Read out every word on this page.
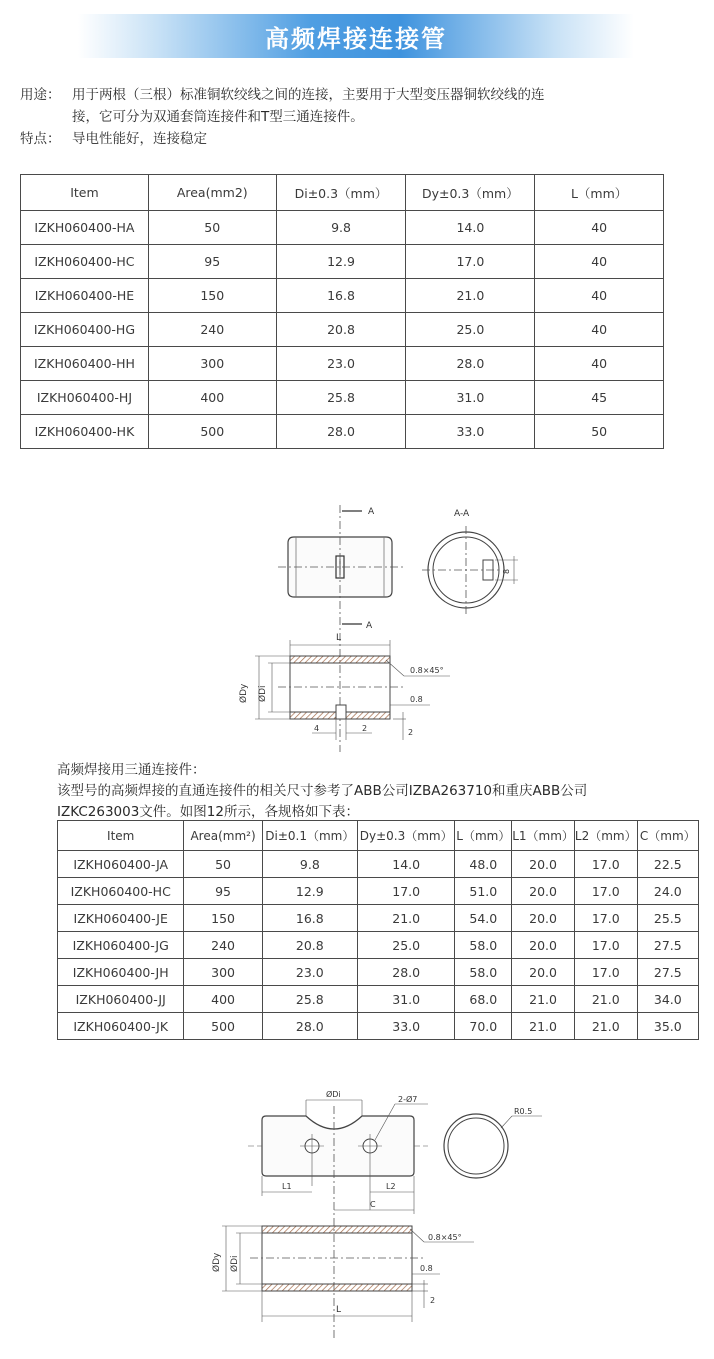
高频焊接连接管
用途： 用于两根（三根）标准铜软绞线之间的连接，主要用于大型变压器铜软绞线的连
接，它可分为双通套筒连接件和T型三通连接件。
特点： 导电性能好，连接稳定
Item	Area(mm2)	Di±0.3（mm）	Dy±0.3（mm）	L（mm）
IZKH060400-HA	50	9.8	14.0	40
IZKH060400-HC	95	12.9	17.0	40
IZKH060400-HE	150	16.8	21.0	40
IZKH060400-HG	240	20.8	25.0	40
IZKH060400-HH	300	23.0	28.0	40
IZKH060400-HJ	400	25.8	31.0	45
IZKH060400-HK	500	28.0	33.0	50
A
A
A-A
8
L
ØDy ØDi
0.8×45°
0.8
2
4	2
高频焊接用三通连接件：
该型号的高频焊接的直通连接件的相关尺寸参考了ABB公司IZBA263710和重庆ABB公司
IZKC263003文件。如图12所示，各规格如下表：
Item	Area(mm²)	Di±0.1（mm）	Dy±0.3（mm）	L（mm）	L1（mm）	L2（mm）	C（mm）
IZKH060400-JA	50	9.8	14.0	48.0	20.0	17.0	22.5
IZKH060400-HC	95	12.9	17.0	51.0	20.0	17.0	24.0
IZKH060400-JE	150	16.8	21.0	54.0	20.0	17.0	25.5
IZKH060400-JG	240	20.8	25.0	58.0	20.0	17.0	27.5
IZKH060400-JH	300	23.0	28.0	58.0	20.0	17.0	27.5
IZKH060400-JJ	400	25.8	31.0	68.0	21.0	21.0	34.0
IZKH060400-JK	500	28.0	33.0	70.0	21.0	21.0	35.0
ØDi
2-Ø7
L1	L2
C
R0.5
ØDy ØDi
0.8×45°
0.8
2
L
